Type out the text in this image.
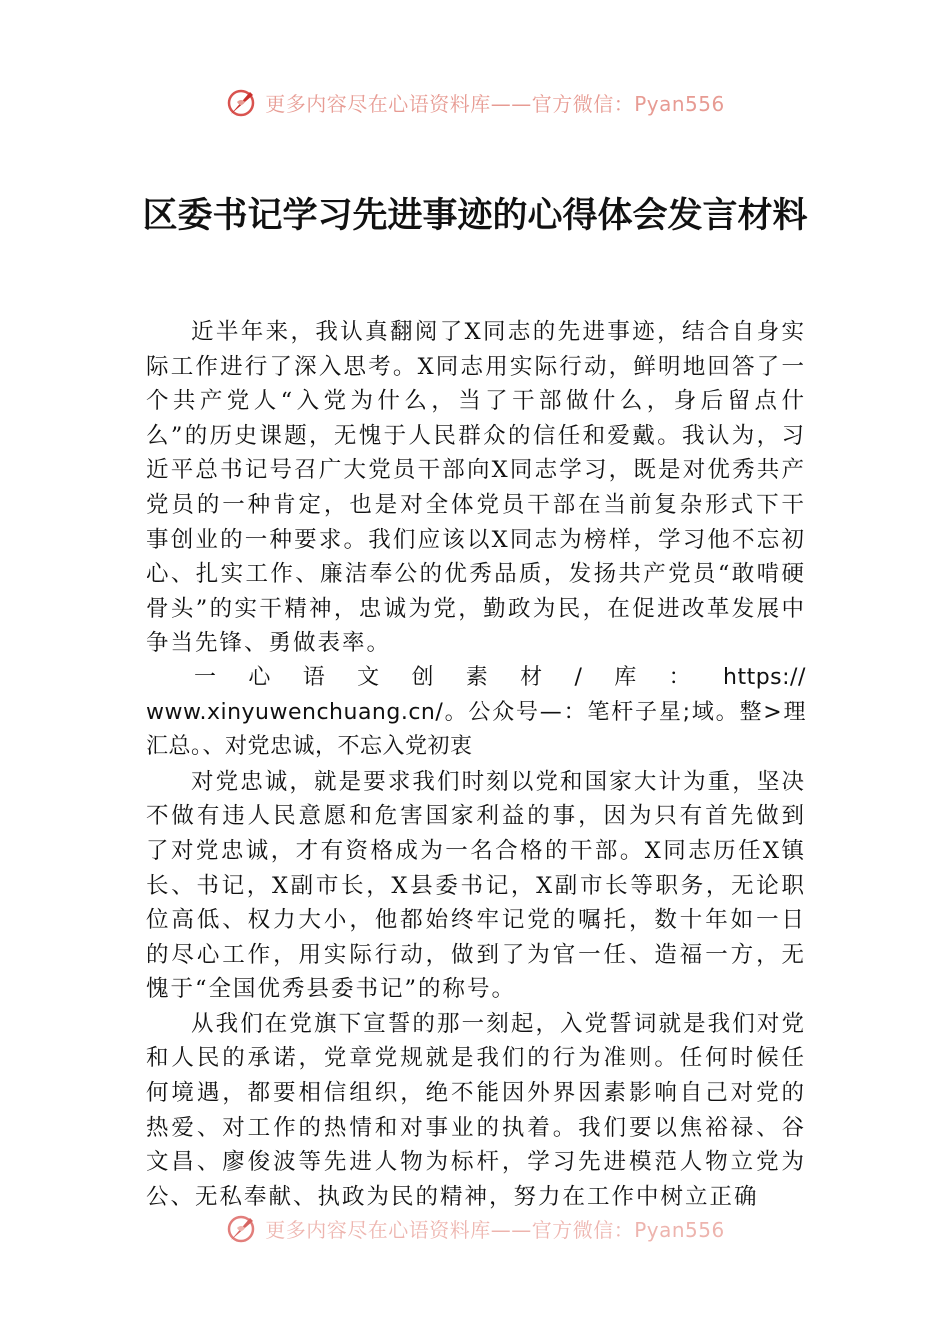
更多内容尽在心语资料库——官方微信：Pyan556
区委书记学习先进事迹的心得体会发言材料

近半年来，我认真翻阅了X同志的先进事迹，结合自身实际工作进行了深入思考。X同志用实际行动，鲜明地回答了一个共产党人“入党为什么，当了干部做什么，身后留点什么”的历史课题，无愧于人民群众的信任和爱戴。我认为，习近平总书记号召广大党员干部向X同志学习，既是对优秀共产党员的一种肯定，也是对全体党员干部在当前复杂形式下干事创业的一种要求。我们应该以X同志为榜样，学习他不忘初心、扎实工作、廉洁奉公的优秀品质，发扬共产党员“敢啃硬骨头”的实干精神，忠诚为党，勤政为民，在促进改革发展中争当先锋、勇做表率。

一 心 语 文 创 素 材 / 库 ： https://
www.xinyuwenchuang.cn/。公众号—：笔杆子星;域。整>理汇总。、对党忠诚，不忘入党初衷

对党忠诚，就是要求我们时刻以党和国家大计为重，坚决不做有违人民意愿和危害国家利益的事，因为只有首先做到了对党忠诚，才有资格成为一名合格的干部。X同志历任X镇长、书记，X副市长，X县委书记，X副市长等职务，无论职位高低、权力大小，他都始终牢记党的嘱托，数十年如一日的尽心工作，用实际行动，做到了为官一任、造福一方，无愧于“全国优秀县委书记”的称号。

从我们在党旗下宣誓的那一刻起，入党誓词就是我们对党和人民的承诺，党章党规就是我们的行为准则。任何时候任何境遇，都要相信组织，绝不能因外界因素影响自己对党的热爱、对工作的热情和对事业的执着。我们要以焦裕禄、谷文昌、廖俊波等先进人物为标杆，学习先进模范人物立党为公、无私奉献、执政为民的精神，努力在工作中树立正确

更多内容尽在心语资料库——官方微信：Pyan556
